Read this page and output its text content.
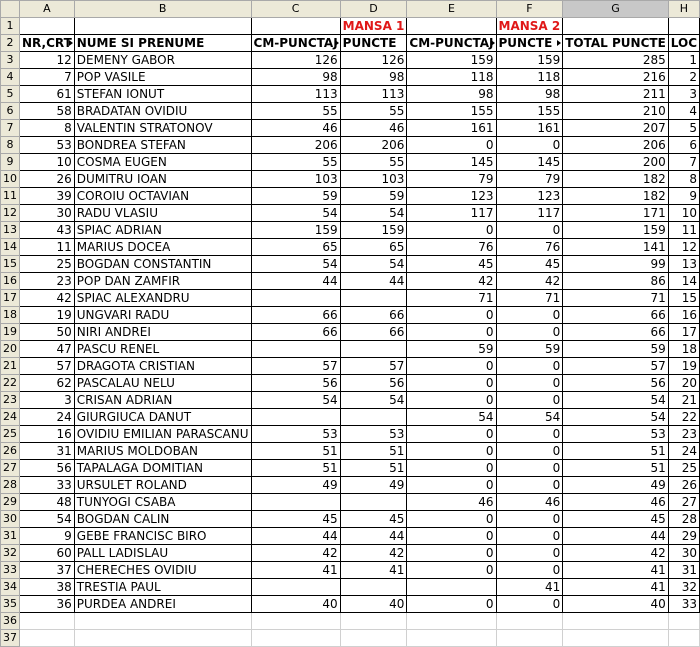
	A	B	C	D	E	F	G	H
1				MANSA 1		MANSA 2		
2	NR,CRT	NUME SI PRENUME	CM-PUNCTAJ	PUNCTE	CM-PUNCTAJ	PUNCTE	TOTAL PUNCTE	LOC
3	12	DEMENY GABOR	126	126	159	159	285	1
4	7	POP VASILE	98	98	118	118	216	2
5	61	STEFAN IONUT	113	113	98	98	211	3
6	58	BRADATAN OVIDIU	55	55	155	155	210	4
7	8	VALENTIN STRATONOV	46	46	161	161	207	5
8	53	BONDREA STEFAN	206	206	0	0	206	6
9	10	COSMA EUGEN	55	55	145	145	200	7
10	26	DUMITRU IOAN	103	103	79	79	182	8
11	39	COROIU OCTAVIAN	59	59	123	123	182	9
12	30	RADU VLASIU	54	54	117	117	171	10
13	43	SPIAC ADRIAN	159	159	0	0	159	11
14	11	MARIUS DOCEA	65	65	76	76	141	12
15	25	BOGDAN CONSTANTIN	54	54	45	45	99	13
16	23	POP DAN ZAMFIR	44	44	42	42	86	14
17	42	SPIAC ALEXANDRU			71	71	71	15
18	19	UNGVARI RADU	66	66	0	0	66	16
19	50	NIRI ANDREI	66	66	0	0	66	17
20	47	PASCU RENEL			59	59	59	18
21	57	DRAGOTA CRISTIAN	57	57	0	0	57	19
22	62	PASCALAU NELU	56	56	0	0	56	20
23	3	CRISAN ADRIAN	54	54	0	0	54	21
24	24	GIURGIUCA DANUT			54	54	54	22
25	16	OVIDIU EMILIAN PARASCANU	53	53	0	0	53	23
26	31	MARIUS MOLDOBAN	51	51	0	0	51	24
27	56	TAPALAGA DOMITIAN	51	51	0	0	51	25
28	33	URSULET ROLAND	49	49	0	0	49	26
29	48	TUNYOGI CSABA			46	46	46	27
30	54	BOGDAN CALIN	45	45	0	0	45	28
31	9	GEBE FRANCISC BIRO	44	44	0	0	44	29
32	60	PALL LADISLAU	42	42	0	0	42	30
33	37	CHERECHES OVIDIU	41	41	0	0	41	31
34	38	TRESTIA PAUL				41	41	32
35	36	PURDEA ANDREI	40	40	0	0	40	33
36								
37								
